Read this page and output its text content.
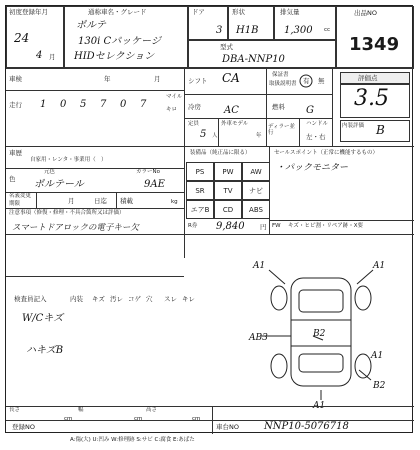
初度登録年月
24
4 月
通称車名・グレード
ポルテ
130i Cパッケージ
HIDセレクション
ドア
3
形状
H1B
排気量
1,300 cc
型式
DBA-NNP10
出品NO
1349
車検	年	月
走行 1 0 5 7 0 7
マイル
キロ
シフト CA
冷房 AC
定員
5 人
外車モデル
年
保証書
取扱説明書 有 無
燃料 G
ディラー並行
ハンドル
左・右
評価点
3.5
内装評価 B
車歴
自家用・レンタ・事業用（　）
色
元色	カラーNo
ポルテール	9AE
名義変更
期限	月	日迄 積載	kg
注意事項（修復・修理・不具合箇所又は評価）
スマートドアロックの電子キー欠
装備品（純正品に限る）
PS	PW	AW
SR	TV	ナビ
エアB	CD	ABS
R券 9,840 円
セールスポイント（正常に機能するもの）
・パックモニター
FW キズ・ヒビ割・リペア跡・X要
検査員記入	内装 キズ 汚レ コゲ 穴 スレ キレ
W/Cキズ
ハキズB
A1	A1
AB3	B2
A1
B2
A1
長さ
cm
幅
cm
高さ
cm
登録NO	車台NO	NNP10-5076718
A:傷(大) U:凹み W:修理跡 S:サビ C:腐食 E:あばた
